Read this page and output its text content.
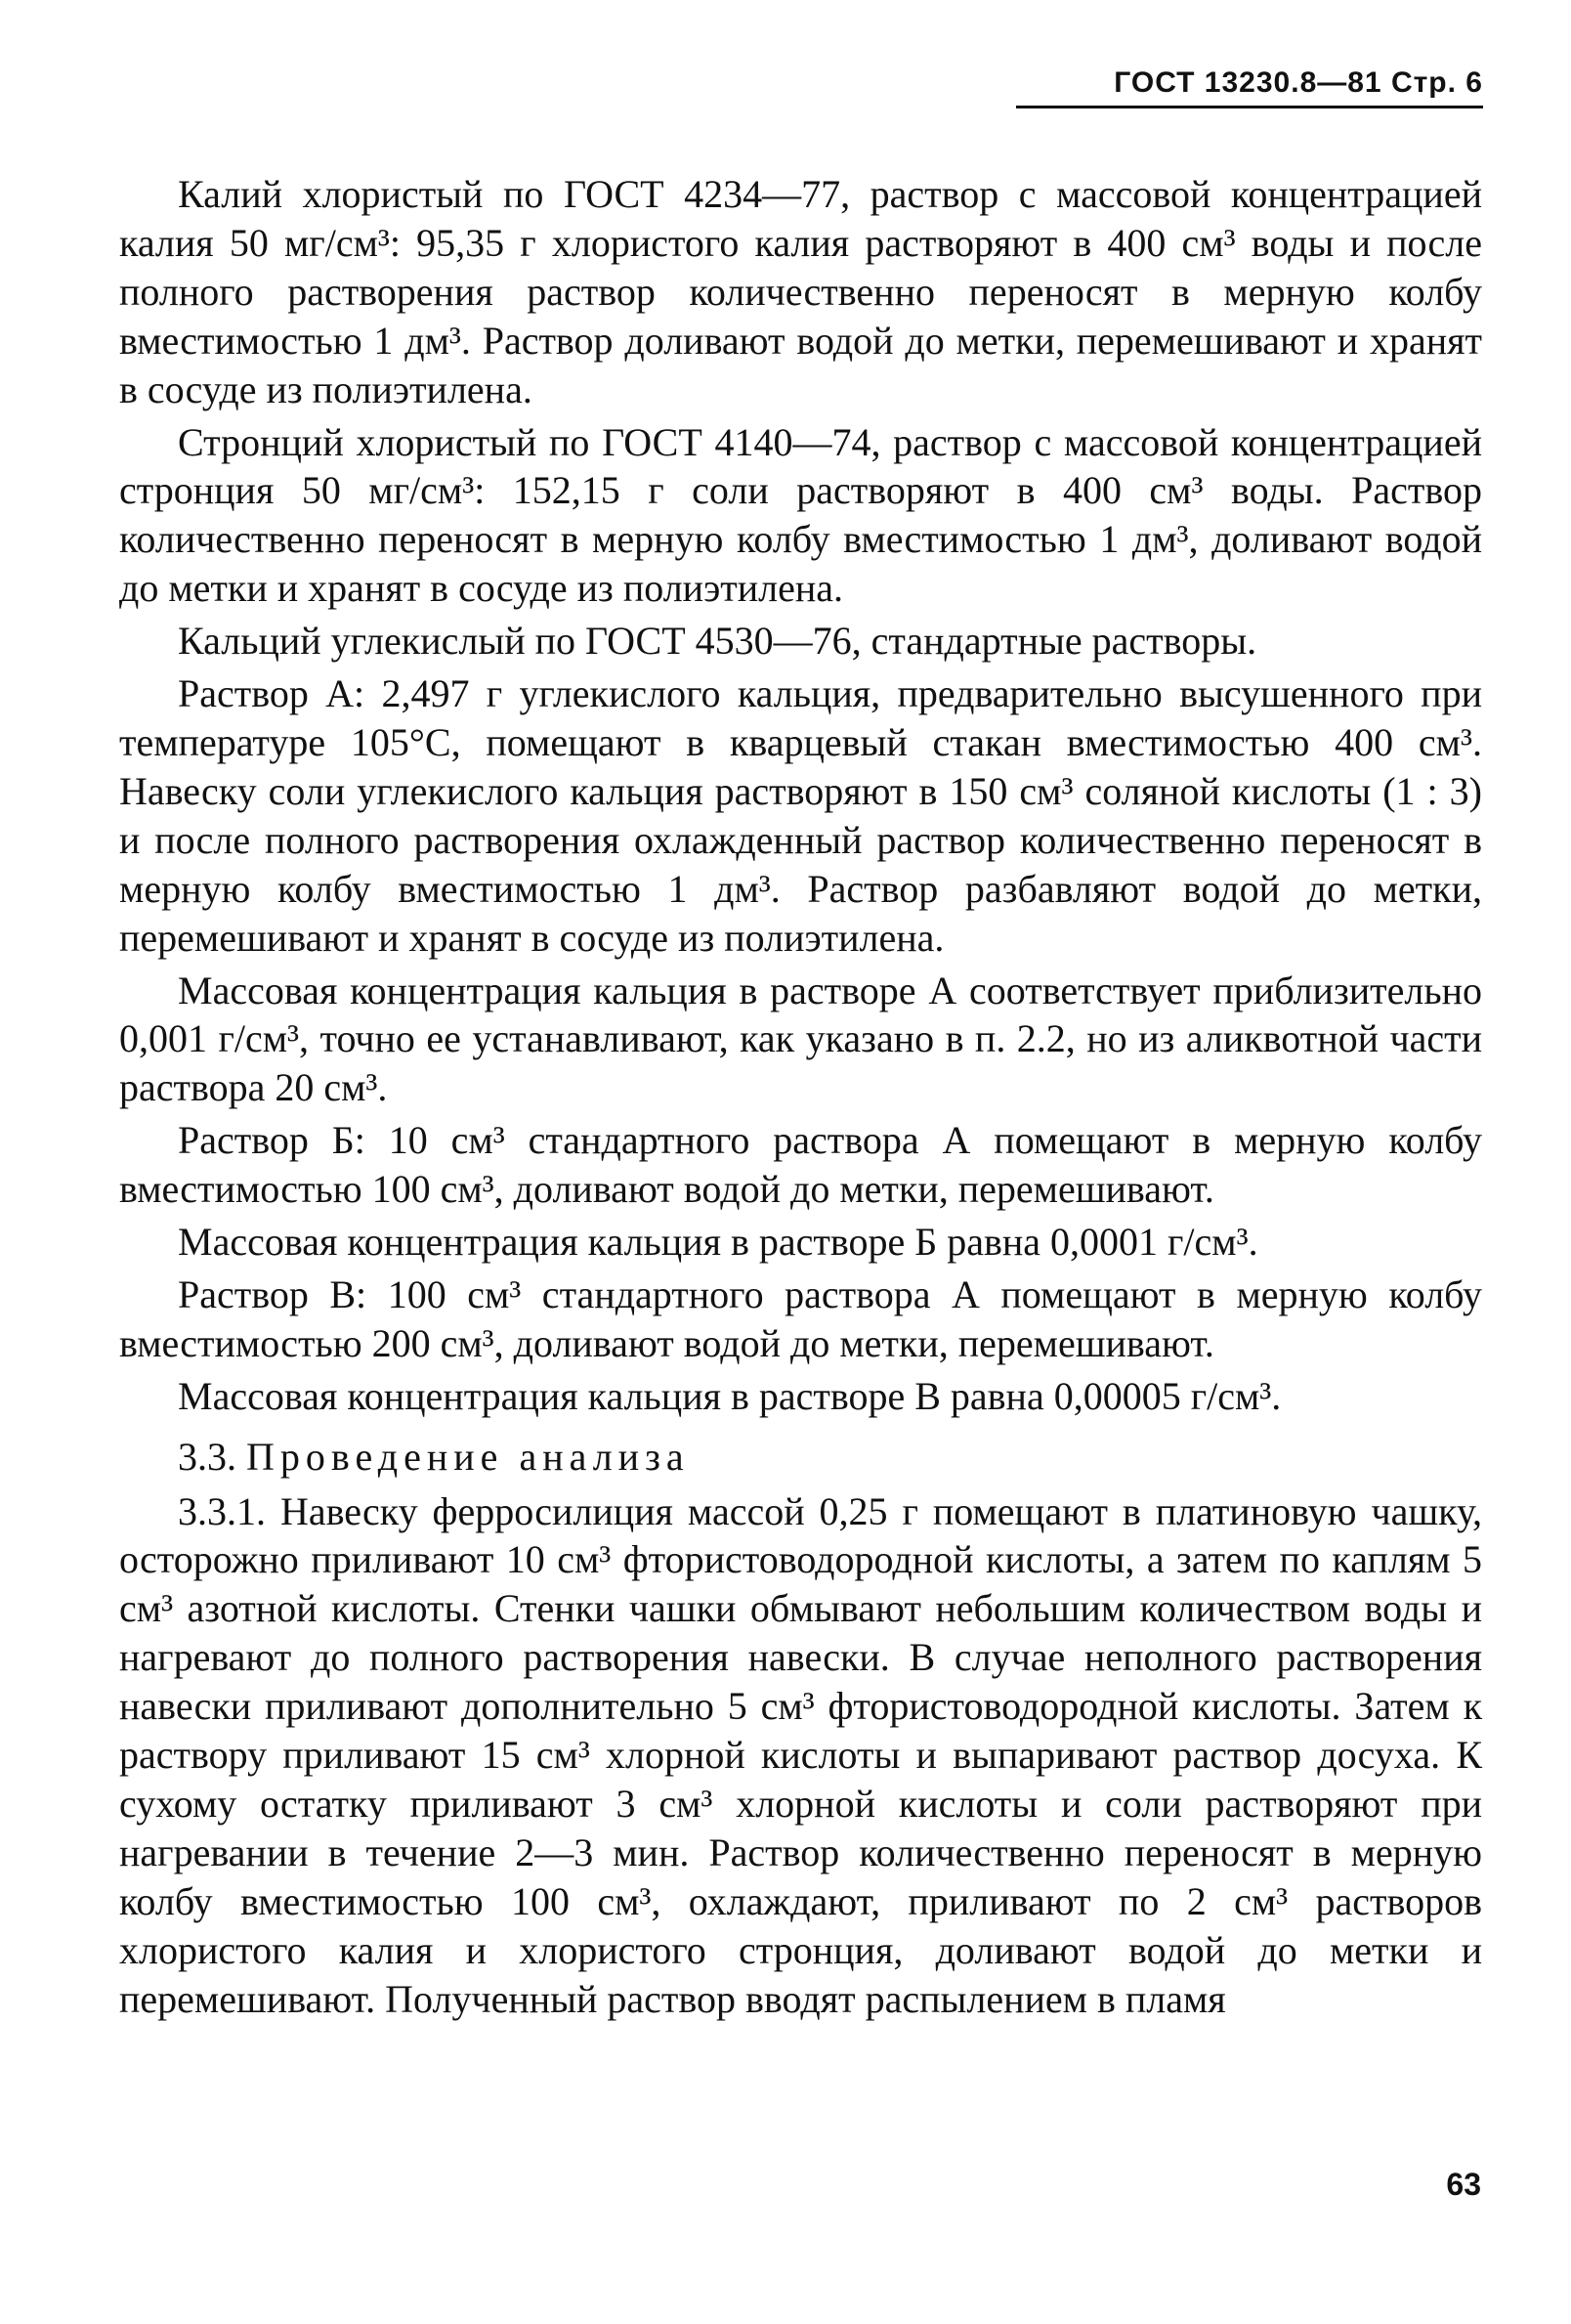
ГОСТ 13230.8—81 Стр. 6

Калий хлористый по ГОСТ 4234—77, раствор с массовой концентрацией калия 50 мг/см³: 95,35 г хлористого калия растворяют в 400 см³ воды и после полного растворения раствор количественно переносят в мерную колбу вместимостью 1 дм³. Раствор доливают водой до метки, перемешивают и хранят в сосуде из полиэтилена.

Стронций хлористый по ГОСТ 4140—74, раствор с массовой концентрацией стронция 50 мг/см³: 152,15 г соли растворяют в 400 см³ воды. Раствор количественно переносят в мерную колбу вместимостью 1 дм³, доливают водой до метки и хранят в сосуде из полиэтилена.

Кальций углекислый по ГОСТ 4530—76, стандартные растворы.

Раствор А: 2,497 г углекислого кальция, предварительно высушенного при температуре 105°С, помещают в кварцевый стакан вместимостью 400 см³. Навеску соли углекислого кальция растворяют в 150 см³ соляной кислоты (1 : 3) и после полного растворения охлажденный раствор количественно переносят в мерную колбу вместимостью 1 дм³. Раствор разбавляют водой до метки, перемешивают и хранят в сосуде из полиэтилена.

Массовая концентрация кальция в растворе А соответствует приблизительно 0,001 г/см³, точно ее устанавливают, как указано в п. 2.2, но из аликвотной части раствора 20 см³.

Раствор Б: 10 см³ стандартного раствора А помещают в мерную колбу вместимостью 100 см³, доливают водой до метки, перемешивают.

Массовая концентрация кальция в растворе Б равна 0,0001 г/см³.

Раствор В: 100 см³ стандартного раствора А помещают в мерную колбу вместимостью 200 см³, доливают водой до метки, перемешивают.

Массовая концентрация кальция в растворе В равна 0,00005 г/см³.

3.3. Проведение анализа

3.3.1. Навеску ферросилиция массой 0,25 г помещают в платиновую чашку, осторожно приливают 10 см³ фтористоводородной кислоты, а затем по каплям 5 см³ азотной кислоты. Стенки чашки обмывают небольшим количеством воды и нагревают до полного растворения навески. В случае неполного растворения навески приливают дополнительно 5 см³ фтористоводородной кислоты. Затем к раствору приливают 15 см³ хлорной кислоты и выпаривают раствор досуха. К сухому остатку приливают 3 см³ хлорной кислоты и соли растворяют при нагревании в течение 2—3 мин. Раствор количественно переносят в мерную колбу вместимостью 100 см³, охлаждают, приливают по 2 см³ растворов хлористого калия и хлористого стронция, доливают водой до метки и перемешивают. Полученный раствор вводят распылением в пламя

63
